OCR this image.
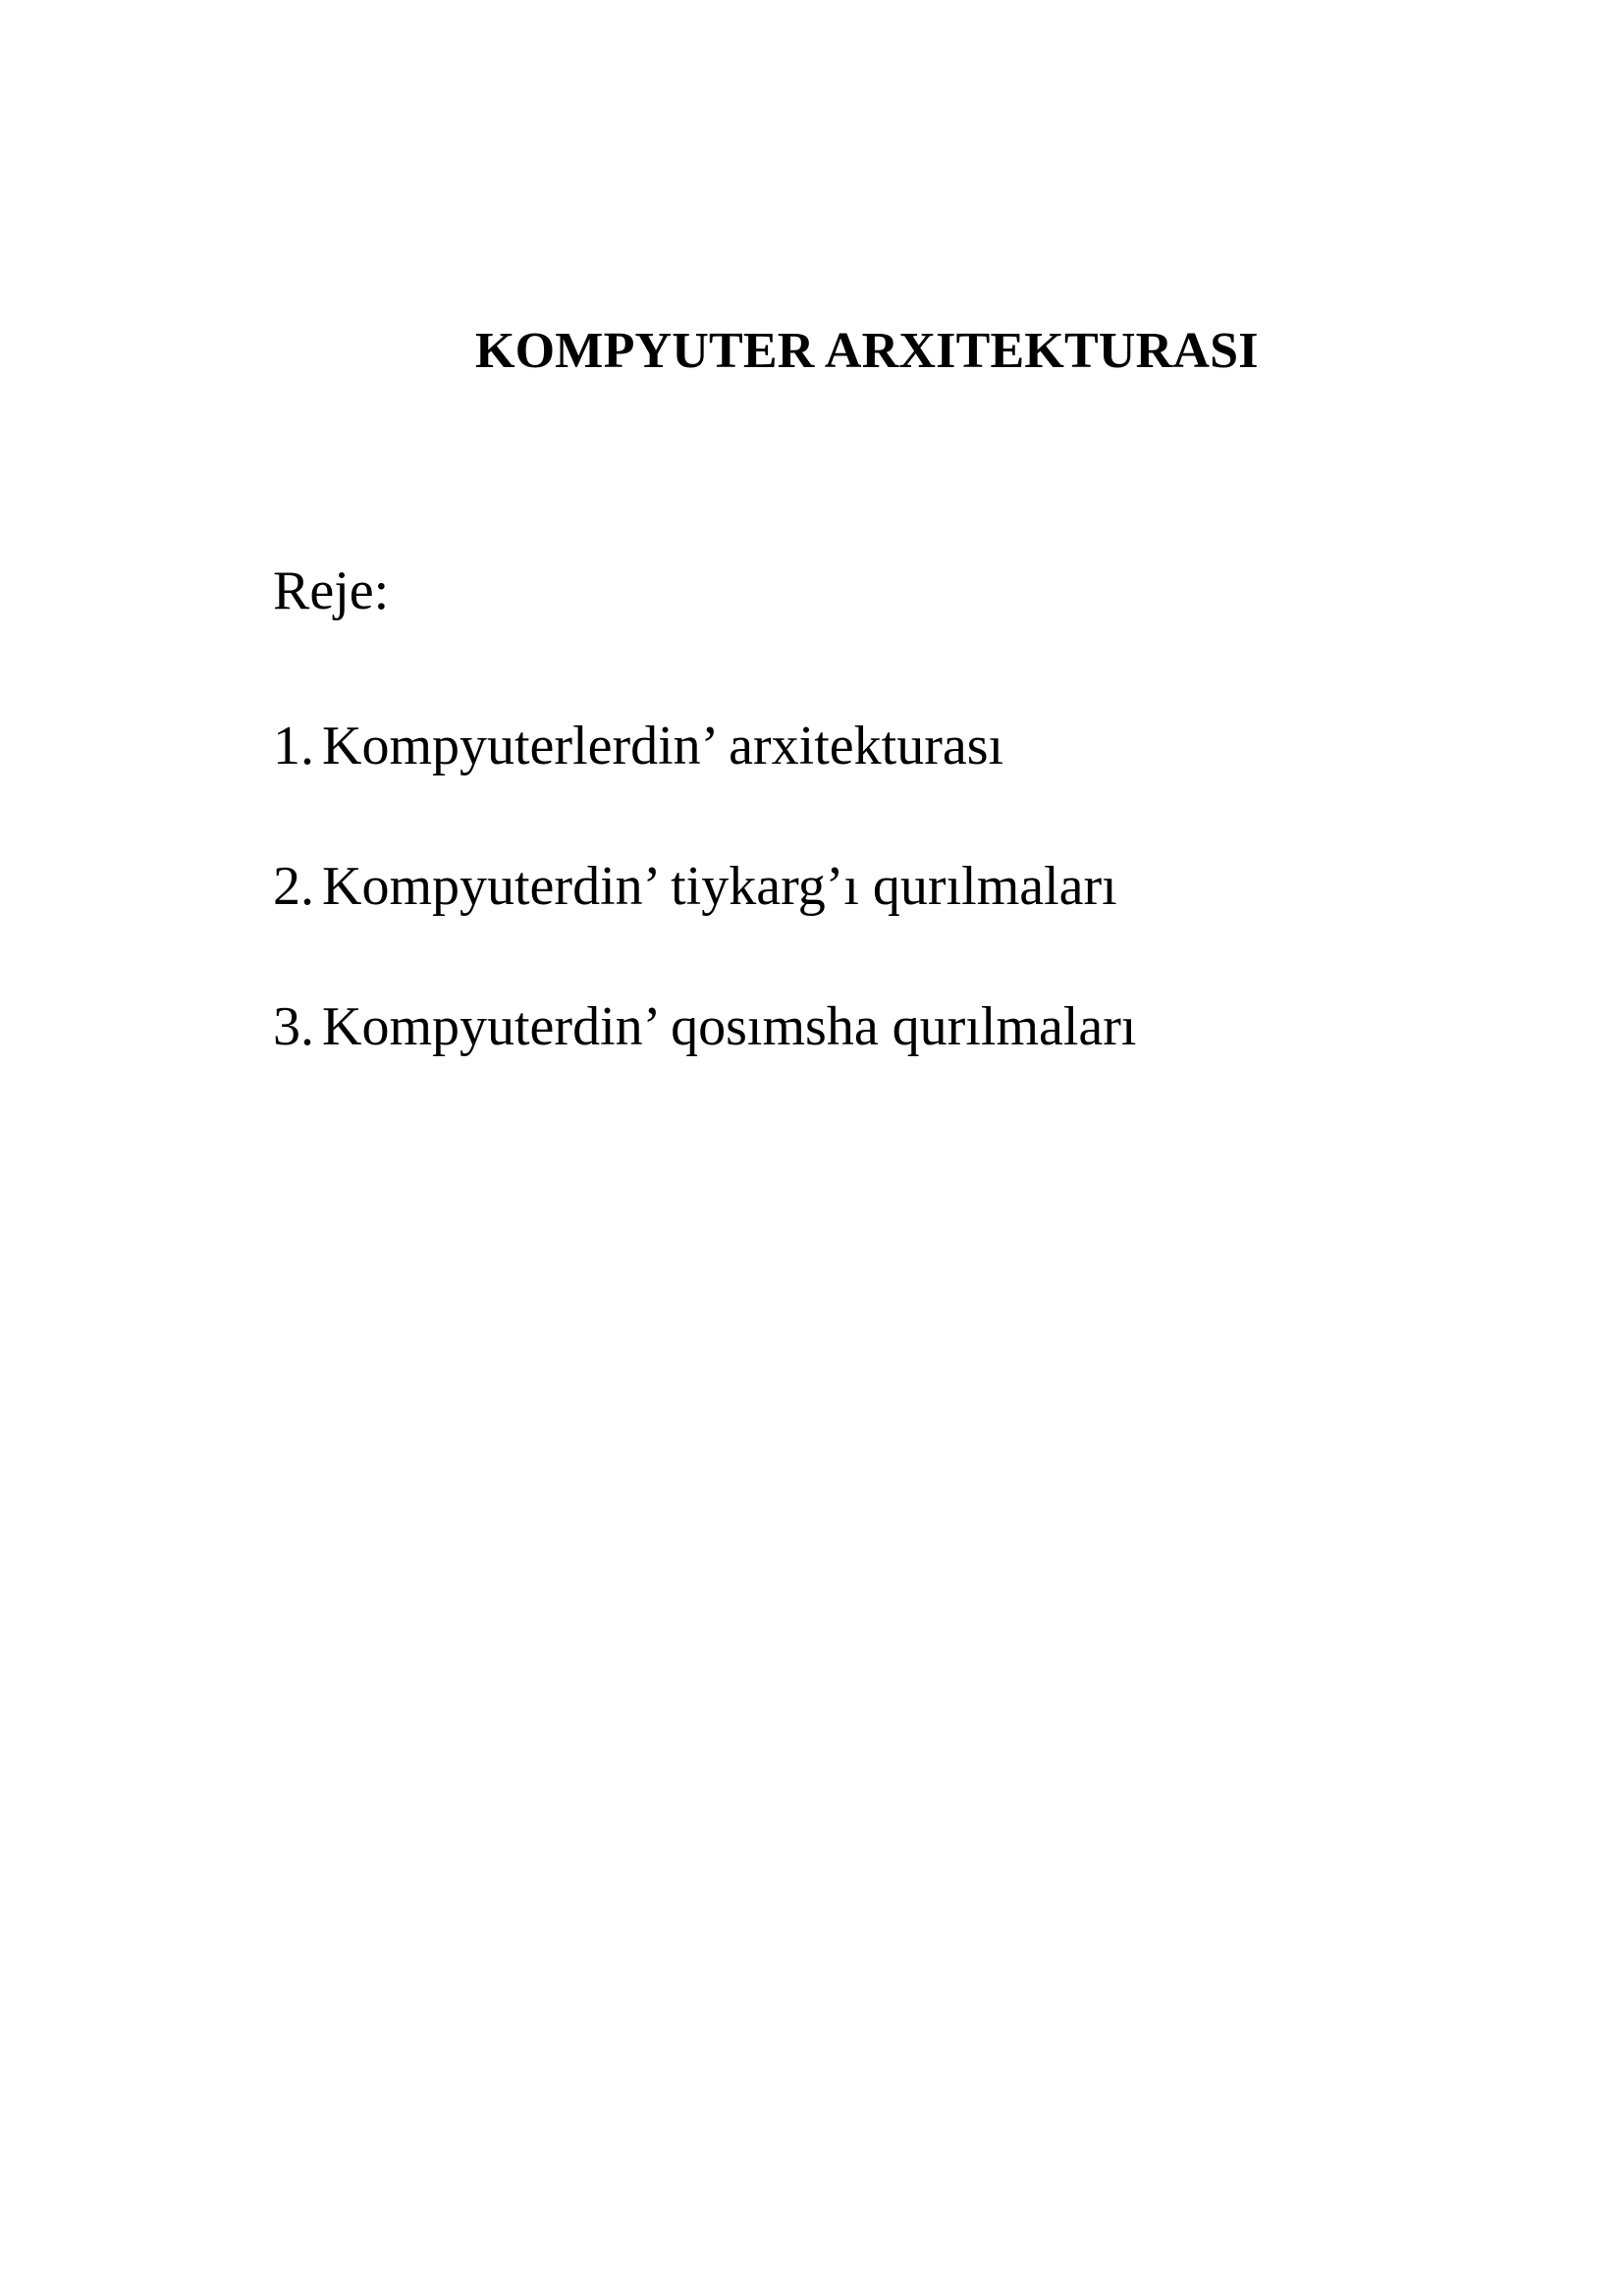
KOMPYUTER ARXITEKTURASI

Reje:

1. Kompyuterlerdin’ arxitekturası
2. Kompyuterdin’ tiykarg’ı qurılmaları
3. Kompyuterdin’ qosımsha qurılmaları
